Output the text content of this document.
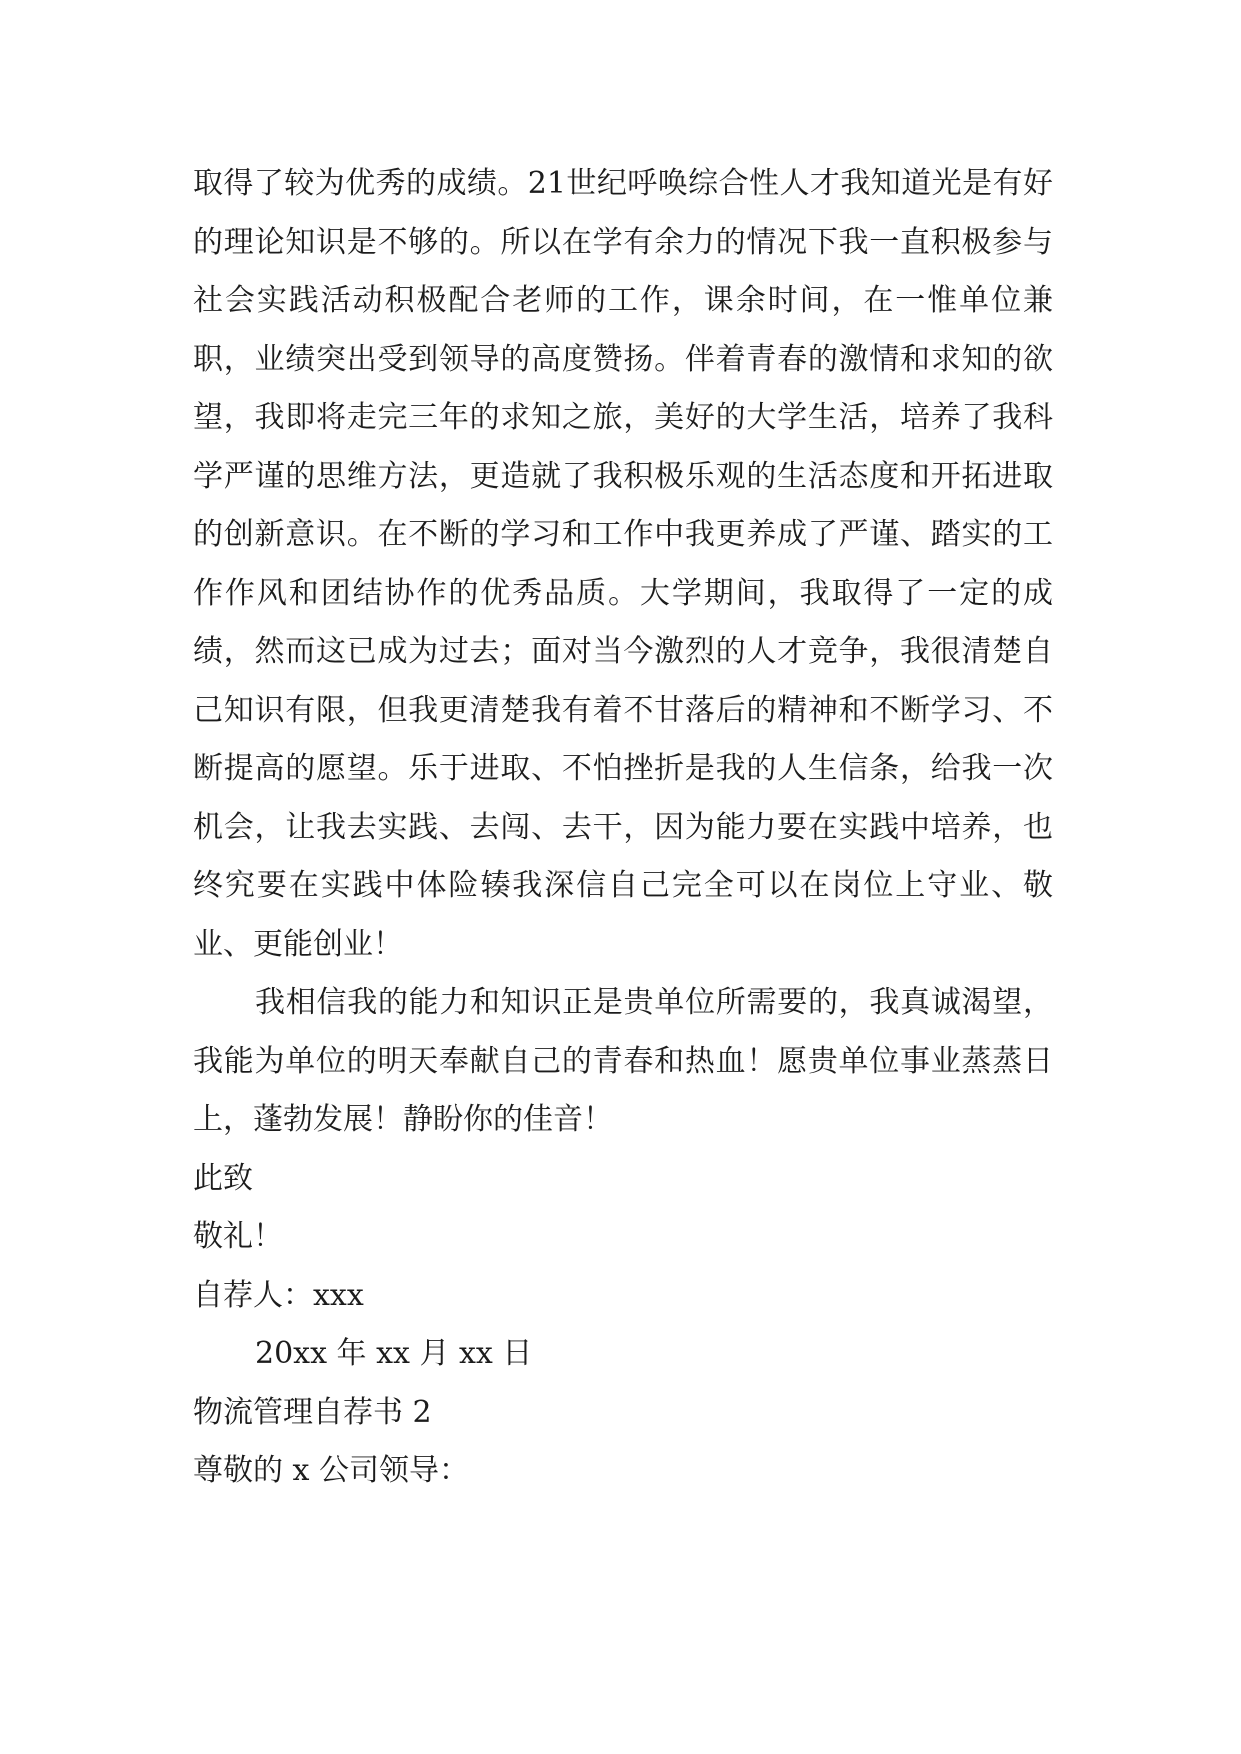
取得了较为优秀的成绩。21世纪呼唤综合性人才我知道光是有好的理论知识是不够的。所以在学有余力的情况下我一直积极参与社会实践活动积极配合老师的工作，课余时间，在一惟单位兼职，业绩突出受到领导的高度赞扬。伴着青春的激情和求知的欲望，我即将走完三年的求知之旅，美好的大学生活，培养了我科学严谨的思维方法，更造就了我积极乐观的生活态度和开拓进取的创新意识。在不断的学习和工作中我更养成了严谨、踏实的工作作风和团结协作的优秀品质。大学期间，我取得了一定的成绩，然而这已成为过去；面对当今激烈的人才竞争，我很清楚自己知识有限，但我更清楚我有着不甘落后的精神和不断学习、不断提高的愿望。乐于进取、不怕挫折是我的人生信条，给我一次机会，让我去实践、去闯、去干，因为能力要在实践中培养，也终究要在实践中体险辏我深信自己完全可以在岗位上守业、敬业、更能创业！

我相信我的能力和知识正是贵单位所需要的，我真诚渴望，我能为单位的明天奉献自己的青春和热血！愿贵单位事业蒸蒸日上，蓬勃发展！静盼你的佳音！

此致

敬礼！

自荐人：xxx

20xx 年 xx 月 xx 日

物流管理自荐书 2

尊敬的 x 公司领导：
